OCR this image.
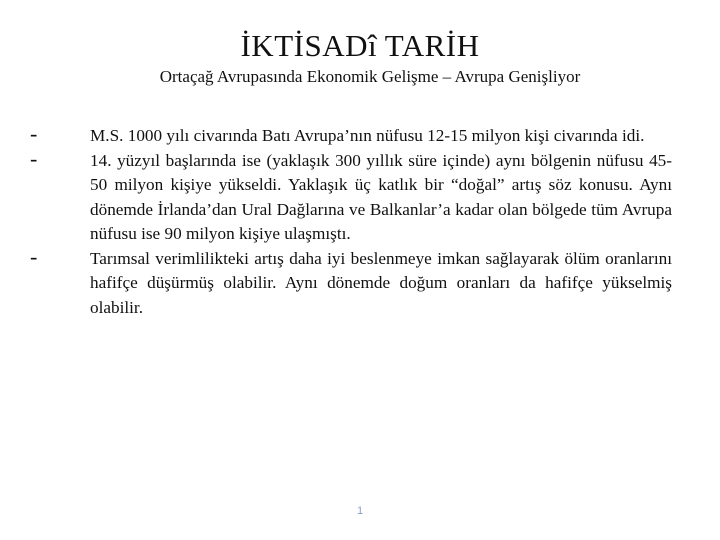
İKTİSADî TARİH
Ortaçağ Avrupasında Ekonomik Gelişme – Avrupa Genişliyor
-	M.S. 1000 yılı civarında Batı Avrupa’nın nüfusu 12-15 milyon kişi civarında idi.
-	14. yüzyıl başlarında ise (yaklaşık 300 yıllık süre içinde) aynı bölgenin nüfusu 45-50 milyon kişiye yükseldi. Yaklaşık üç katlık bir “doğal” artış söz konusu. Aynı dönemde İrlanda’dan Ural Dağlarına ve Balkanlar’a kadar olan bölgede tüm Avrupa nüfusu ise 90 milyon kişiye ulaşmıştı.
-	Tarımsal verimlilikteki artış daha iyi beslenmeye imkan sağlayarak ölüm oranlarını hafifçe düşürmüş olabilir. Aynı dönemde doğum oranları da hafifçe yükselmiş olabilir.
1
